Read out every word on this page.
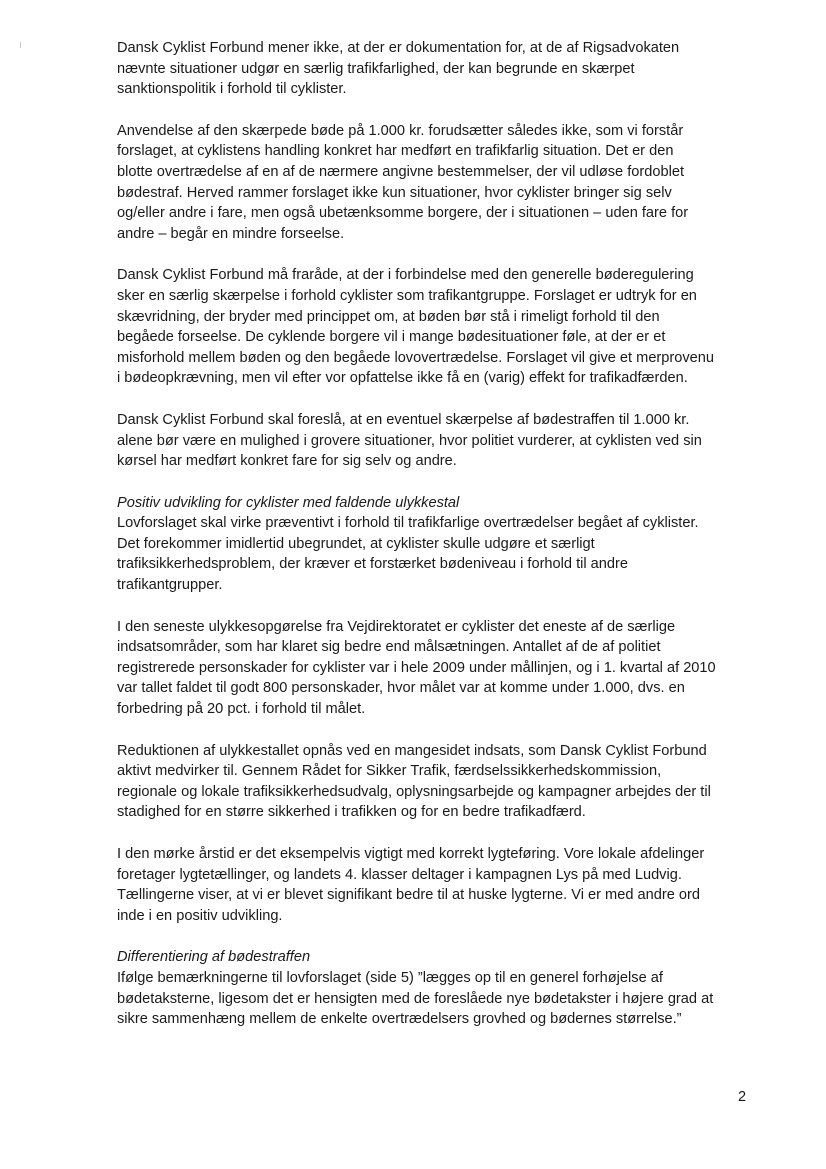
Dansk Cyklist Forbund mener ikke, at der er dokumentation for, at de af Rigsadvokaten
nævnte situationer udgør en særlig trafikfarlighed, der kan begrunde en skærpet
sanktionspolitik i forhold til cyklister.
Anvendelse af den skærpede bøde på 1.000 kr. forudsætter således ikke, som vi forstår
forslaget, at cyklistens handling konkret har medført en trafikfarlig situation. Det er den
blotte overtrædelse af en af de nærmere angivne bestemmelser, der vil udløse fordoblet
bødestraf. Herved rammer forslaget ikke kun situationer, hvor cyklister bringer sig selv
og/eller andre i fare, men også ubetænksomme borgere, der i situationen – uden fare for
andre – begår en mindre forseelse.
Dansk Cyklist Forbund må fraråde, at der i forbindelse med den generelle bøderegulering
sker en særlig skærpelse i forhold cyklister som trafikantgruppe. Forslaget er udtryk for en
skævridning, der bryder med princippet om, at bøden bør stå i rimeligt forhold til den
begåede forseelse. De cyklende borgere vil i mange bødesituationer føle, at der er et
misforhold mellem bøden og den begåede lovovertrædelse. Forslaget vil give et merprovenu
i bødeopkrævning, men vil efter vor opfattelse ikke få en (varig) effekt for trafikadfærden.
Dansk Cyklist Forbund skal foreslå, at en eventuel skærpelse af bødestraffen til 1.000 kr.
alene bør være en mulighed i grovere situationer, hvor politiet vurderer, at cyklisten ved sin
kørsel har medført konkret fare for sig selv og andre.
Positiv udvikling for cyklister med faldende ulykkestal
Lovforslaget skal virke præventivt i forhold til trafikfarlige overtrædelser begået af cyklister.
Det forekommer imidlertid ubegrundet, at cyklister skulle udgøre et særligt
trafiksikkerhedsproblem, der kræver et forstærket bødeniveau i forhold til andre
trafikantgrupper.
I den seneste ulykkesopgørelse fra Vejdirektoratet er cyklister det eneste af de særlige
indsatsområder, som har klaret sig bedre end målsætningen. Antallet af de af politiet
registrerede personskader for cyklister var i hele 2009 under mållinjen, og i 1. kvartal af 2010
var tallet faldet til godt 800 personskader, hvor målet var at komme under 1.000, dvs. en
forbedring på 20 pct. i forhold til målet.
Reduktionen af ulykkestallet opnås ved en mangesidet indsats, som Dansk Cyklist Forbund
aktivt medvirker til. Gennem Rådet for Sikker Trafik, færdselssikkerhedskommission,
regionale og lokale trafiksikkerhedsudvalg, oplysningsarbejde og kampagner arbejdes der til
stadighed for en større sikkerhed i trafikken og for en bedre trafikadfærd.
I den mørke årstid er det eksempelvis vigtigt med korrekt lygteføring. Vore lokale afdelinger
foretager lygtetællinger, og landets 4. klasser deltager i kampagnen Lys på med Ludvig.
Tællingerne viser, at vi er blevet signifikant bedre til at huske lygterne. Vi er med andre ord
inde i en positiv udvikling.
Differentiering af bødestraffen
Ifølge bemærkningerne til lovforslaget (side 5) ”lægges op til en generel forhøjelse af
bødetaksterne, ligesom det er hensigten med de foreslåede nye bødetakster i højere grad at
sikre sammenhæng mellem de enkelte overtrædelsers grovhed og bødernes størrelse.”
2
